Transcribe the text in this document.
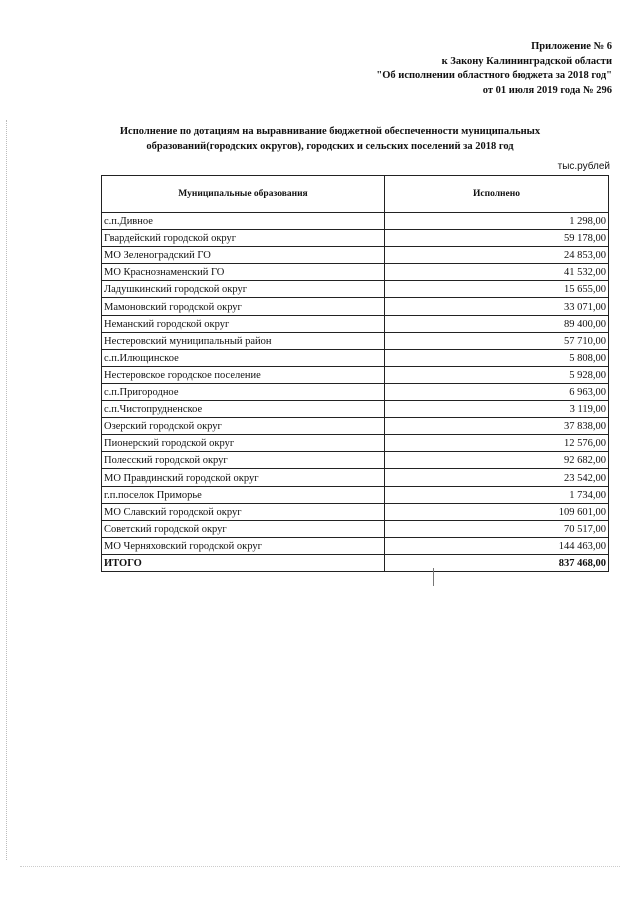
Приложение № 6
к Закону Калининградской области
"Об исполнении областного бюджета за 2018 год"
от 01 июля 2019 года № 296
Исполнение по дотациям на выравнивание бюджетной обеспеченности муниципальных
образований(городских округов), городских и сельских поселений за 2018 год
тыс.рублей
Муниципальные образования	Исполнено
с.п.Дивное	1 298,00
Гвардейский городской округ	59 178,00
МО Зеленоградский ГО	24 853,00
МО Краснознаменский ГО	41 532,00
Ладушкинский городской округ	15 655,00
Мамоновский городской округ	33 071,00
Неманский городской округ	89 400,00
Нестеровский муниципальный район	57 710,00
с.п.Илющинское	5 808,00
Нестеровское городское поселение	5 928,00
с.п.Пригородное	6 963,00
с.п.Чистопрудненское	3 119,00
Озерский городской округ	37 838,00
Пионерский городской округ	12 576,00
Полесский городской округ	92 682,00
МО Правдинский городской округ	23 542,00
г.п.поселок Приморье	1 734,00
МО Славский городской округ	109 601,00
Советский городской округ	70 517,00
МО Черняховский городской округ	144 463,00
ИТОГО	837 468,00
